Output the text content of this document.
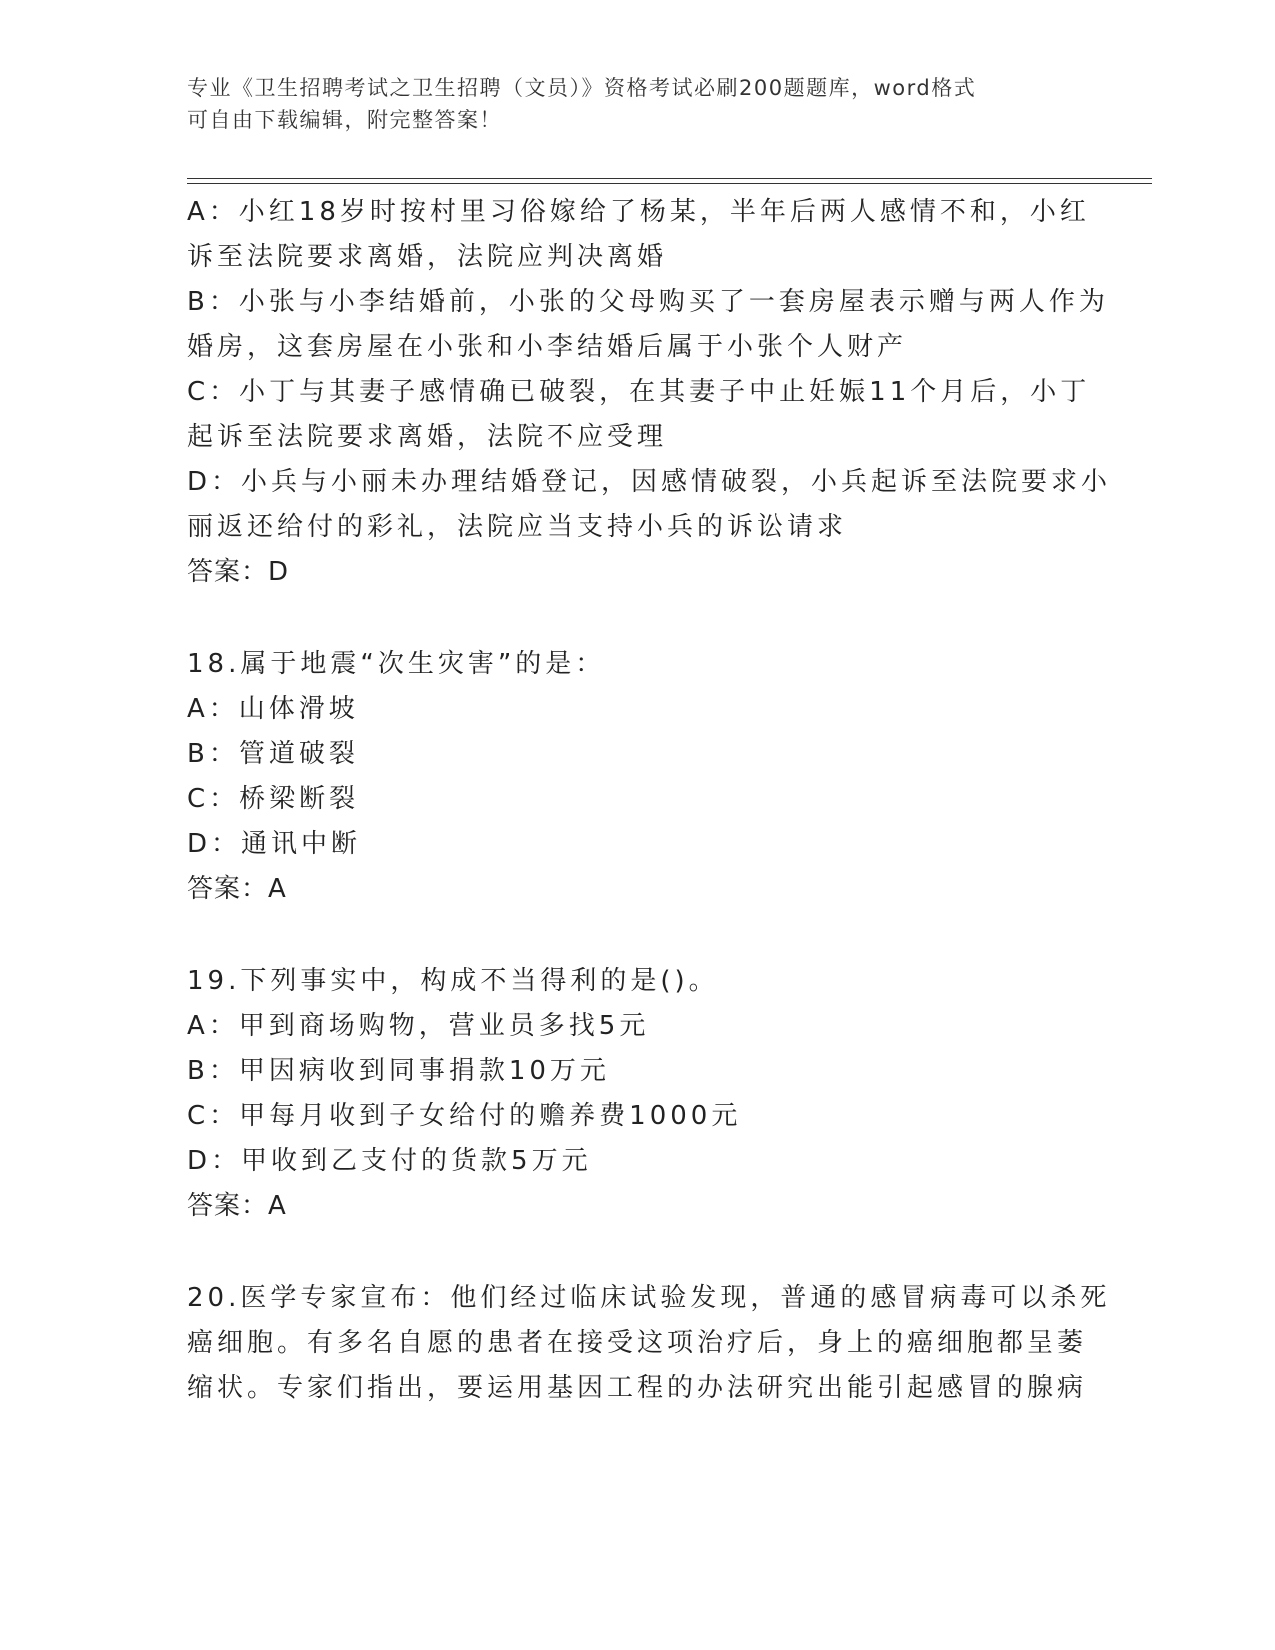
专业《卫生招聘考试之卫生招聘（文员）》资格考试必刷200题题库，word格式
可自由下载编辑，附完整答案！
A：小红18岁时按村里习俗嫁给了杨某，半年后两人感情不和，小红
诉至法院要求离婚，法院应判决离婚
B：小张与小李结婚前，小张的父母购买了一套房屋表示赠与两人作为
婚房，这套房屋在小张和小李结婚后属于小张个人财产
C：小丁与其妻子感情确已破裂，在其妻子中止妊娠11个月后，小丁
起诉至法院要求离婚，法院不应受理
D：小兵与小丽未办理结婚登记，因感情破裂，小兵起诉至法院要求小
丽返还给付的彩礼，法院应当支持小兵的诉讼请求
答案：D
18.属于地震“次生灾害”的是：
A：山体滑坡
B：管道破裂
C：桥梁断裂
D：通讯中断
答案：A
19.下列事实中，构成不当得利的是()。
A：甲到商场购物，营业员多找5元
B：甲因病收到同事捐款10万元
C：甲每月收到子女给付的赡养费1000元
D：甲收到乙支付的货款5万元
答案：A
20.医学专家宣布：他们经过临床试验发现，普通的感冒病毒可以杀死
癌细胞。有多名自愿的患者在接受这项治疗后，身上的癌细胞都呈萎
缩状。专家们指出，要运用基因工程的办法研究出能引起感冒的腺病
